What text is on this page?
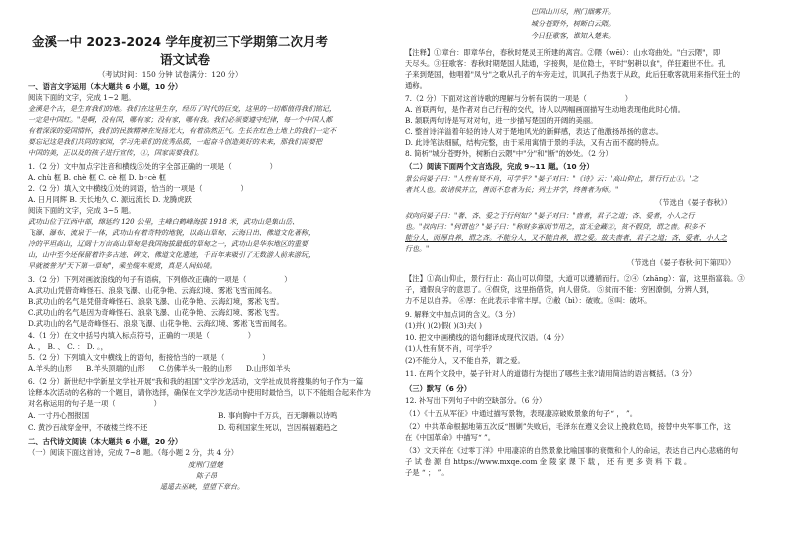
金溪一中 2023-2024 学年度初三下学期第二次月考
语文试卷
（考试时间：150 分钟 试卷满分：120 分）
一、语言文字运用（本大题共 6 小题，10 分）
阅读下面的文字，完成 1~2 题。
金溪是个古，是生育我们的地。我们在这里生存，经历了时代的巨变，这里的一切都值得我们铭记，
一定是中国红。"是啊，没有国，哪有家；没有家，哪有我。我们必须要遵守纪律，每一个中国人都
有着深深的爱国情怀，我们的民族精神在发扬光大，有着浩然正气。生长在红色土地上的我们一定不
要忘记这是我们共同的家园，学习先辈们的优秀品质，一起奋斗创造美好的未来，那我们需要把
中国的美，正以及的孩子进行宣传，①，国家需要我们。
1.（2 分）文中加点字注音和横线⑤处的字全部正确的一项是（	）
A. chù 框 B. chè 框 C. cè 框 D. b◦cè 框
2.（2 分）填入文中横线①处的词语，恰当的一项是（	）
A. 日月同辉 B. 天长地久 C. 源远流长 D. 龙腾虎跃
阅读下面的文字，完成 3~5 题。
武功山位于江西中部，绵延约 120 公里，主峰白鹤峰海拔 1918 米，武功山是集山岳、
飞瀑、瀑布、流泉于一体，武功山有着奇特的地貌，以高山草甸、云海日出、佛道文化著称，
冷的平坦高山，辽阔十万亩高山草甸是我国海拔最低的草甸之一，武功山是华东地区的重要
山，山中至今还保留着许多古迹、碑文、佛道文化遗迹，千百年来吸引了无数游人前来游玩，
早就被誉为"天下第一草甸"，乘坐缆车观赏，真是人间仙境。
3.（2 分）下列对画波浪线的句子有语病，下列修改正确的一项是（	）
A.武功山凭借奇峰怪石、浪泉飞瀑、山花争艳、云海幻境、雾凇飞雪而闻名。
B.武功山的名气是凭借奇峰怪石、浪泉飞瀑、山花争艳、云海幻境，雾凇飞雪。
C.武功山的名气是因为奇峰怪石、浪泉飞瀑、山花争艳、云海幻境、雾凇飞雪。
D.武功山的名气是奇峰怪石、浪泉飞瀑、山花争艳、云海幻境、雾凇飞雪而闻名。
4.（1 分）在文中括号内填入标点符号，正确的一项是（	）
A. ， B. 、 C. ： D. 。，
5.（2 分）下列填入文中横线上的语句，衔接恰当的一项是（	）
A.羊头的山形 B.羊头顶端的山形 C.仿佛羊头一般的山形 D.山形如羊头
6.（2 分）新世纪中学新星文学社开展“我和我的祖国”文学沙龙活动，文学社成员将搜集的句子作为一篇
诠释本次活动的名称的一个题目，请你选择，确保在文学沙龙活动中使用时最恰当，以下不能组合起来作为
对名称运用的句子是一项（	）
A. 一寸丹心图报国	B. 事向胸中千万兵，百无聊赖以诗鸣
C. 黄沙百战穿金甲，不破楼兰终不还	D. 苟利国家生死以，岂因祸福避趋之
二、古代诗文阅读（本大题共 6 小题，20 分）
（一）阅读下面这首诗，完成 7~8 题。（每小题 2 分，共 4 分）
度荆门望楚
陈子昂
遥遥去巫峡，望望下章台。
巴国山川尽，荆门烟雾开。
城分苍野外，树断白云隈。
今日狂歌客，谁知入楚来。
【注释】①章台：即章华台，春秋时楚灵王所建的离宫。②隈（wēi）：山水弯曲处。"白云隈"，即
天尽头。③狂歌客：春秋时期楚国人陆通，字接舆，是位隐士，平时"躬耕以食"，佯狂避世不仕。孔
子来到楚国，他唱着"凤兮"之歌从孔子的车旁走过，讥讽孔子热衷于从政，此后狂歌客就用来指代狂士的
通称。
7.（2 分）下面对这首诗歌的理解与分析有误的一项是（	）
A. 首联两句，是作者对自己行程的交代，诗人以两幅画面描写生动地表现他此时心情。
B. 颔联两句诗是写对对句，进一步描写楚国的开阔的美丽。
C. 整首诗洋溢着年轻的诗人对于楚地风光的新鲜感，表达了他激扬昂扬的意志。
D. 此诗笔法细腻，结构完整，由于采用寓情于景的手法，又有古而不腐的特点。
8. 简析"城分苍野外，树断白云隈"中"分"和"断"的妙处。（2 分）
（二）阅读下面两个文言选段，完成 9~11 题。（10 分）
景公问晏子曰："人性有贤不肖，可学乎？"晏子对曰："《诗》云：'高山仰止，景行行止①。'之
者其人也。故诸侯并立，善而不怠者为长；列士并学，终善者为师。"
（节选自《晏子春秋》）
叔向问晏子曰："奢、吝、爱之于行何如？"晏子对曰："啬者，君子之道；吝、爱者，小人之行
也。"叔向曰："何谓也？"晏子曰："称财多寡而节用之，富无金藏②，贫不假贷，谓之啬。积多不
能分人，而厚自养，谓之吝。不能分人，又不能自养，谓之爱。故夫啬者，君子之道；吝、爱者，小人之
行也。"
（节选自《晏子春秋·问下第四》）
【注】①高山仰止，景行行止：高山可以仰望，大道可以遵循而行。②④（zhāng）：富，这里指富翁。③
子，通假良字的意思了。④假贷，这里指借贷，向人借贷。 ⑤贫而不能：穷困潦倒，分辨人到，
力不足以自养。 ⑥厚：在此表示非常丰厚。⑦敝（bì）：破败。⑧叫：破坏。
9. 解释文中加点词的含义。（3 分）
(1)并( )(2)假( )(3)夫( )
10. 把文中画横线的语句翻译成现代汉语。（4 分）
(1)人性有贤不肖，可学乎？
(2)不能分人，又不能自养，谓之爱。
11. 在两个文段中，晏子针对人的道德行为提出了哪些主张?请用简洁的语言概括。（3 分）
（三）默写（6 分）
12. 补写出下列句子中的空缺部分。（6 分）
（1）《十五从军征》中通过描写景物，表现凄凉破败景象的句子“ ， ”。
（2）中共革命根据地第五次反“围剿”失败后，毛泽东在遵义会议上挽救危局，接替中央军事工作，这
在《中国革命》中描写“ ”。
（3）文天祥在《过零丁洋》中用凄凉的自然景象比喻国事的衰微和个人的命运，表达自己内心悲痛的句
子 试 卷 源 自 https://www.mxqe.com 金 陵 家 课 下 载 ， 还 有 更 多 资 料 下 载 。
子是 “ ； ”。
